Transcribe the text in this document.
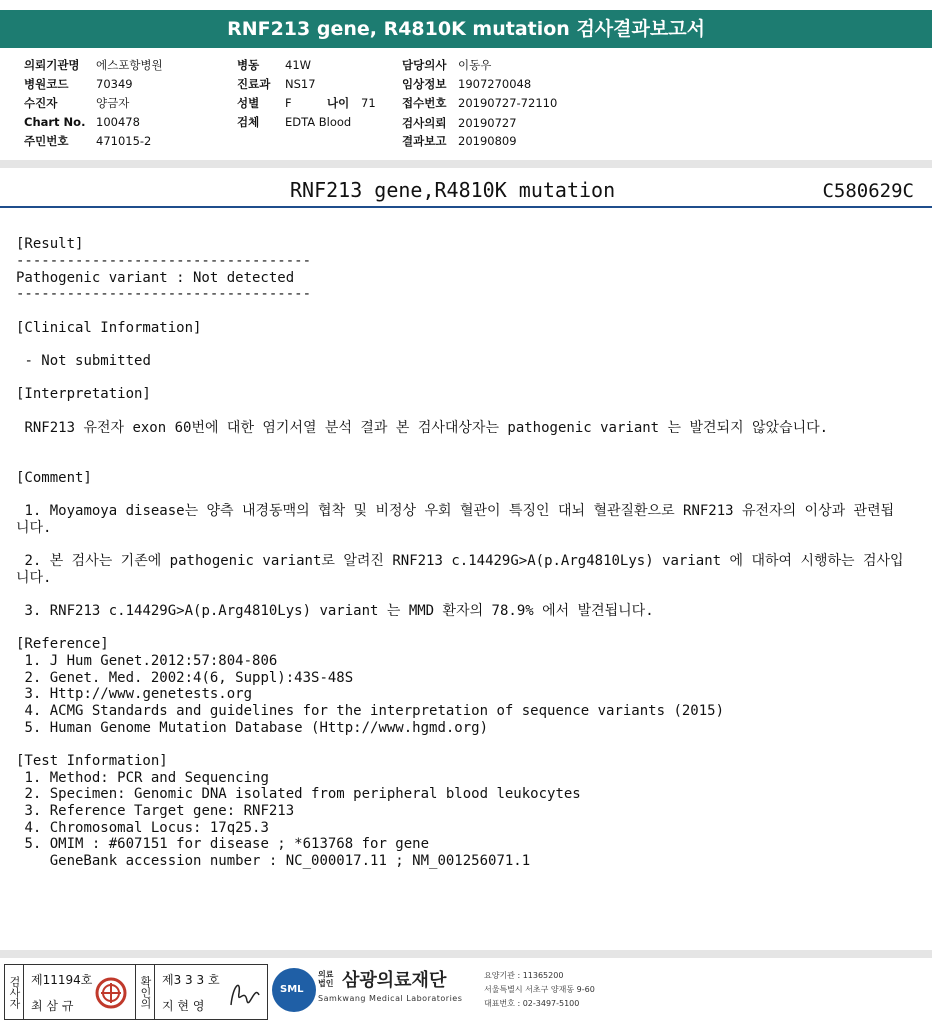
RNF213 gene, R4810K mutation 검사결과보고서
의뢰기관명 에스포항병원
병원코드 70349
수진자	양금자
Chart No. 100478
주민번호 471015-2
병동 41W
진료과 NS17
성별 F	나이 71
검체 EDTA Blood
담당의사 이동우
임상정보 1907270048
접수번호 20190727-72110
검사의뢰 20190727
결과보고 20190809
RNF213 gene,R4810K mutation	C580629C
[Result]
-----------------------------------
Pathogenic variant : Not detected
-----------------------------------
[Clinical Information]
- Not submitted
[Interpretation]
RNF213 유전자 exon 60번에 대한 염기서열 분석 결과 본 검사대상자는 pathogenic variant 는 발견되지 않았습니다.
[Comment]
1. Moyamoya disease는 양측 내경동맥의 협착 및 비정상 우회 혈관이 특징인 대뇌 혈관질환으로 RNF213 유전자의 이상과 관련됩니다.
2. 본 검사는 기존에 pathogenic variant로 알려진 RNF213 c.14429G>A(p.Arg4810Lys) variant 에 대하여 시행하는 검사입니다.
3. RNF213 c.14429G>A(p.Arg4810Lys) variant 는 MMD 환자의 78.9% 에서 발견됩니다.
[Reference]
1. J Hum Genet.2012:57:804-806
2. Genet. Med. 2002:4(6, Suppl):43S-48S
3. Http://www.genetests.org
4. ACMG Standards and guidelines for the interpretation of sequence variants (2015)
5. Human Genome Mutation Database (Http://www.hgmd.org)
[Test Information]
1. Method: PCR and Sequencing
2. Specimen: Genomic DNA isolated from peripheral blood leukocytes
3. Reference Target gene: RNF213
4. Chromosomal Locus: 17q25.3
5. OMIM : #607151 for disease ; *613768 for gene
GeneBank accession number : NC_000017.11 ; NM_001256071.1
검사자 제11194호
최 삼 규	확인의 제3 3 3 호
지 현 영
SML
의료
법인 삼광의료재단
Samkwang Medical Laboratories
요양기관 : 11365200
서울특별시 서초구 양재동 9-60
대표번호 : 02-3497-5100
